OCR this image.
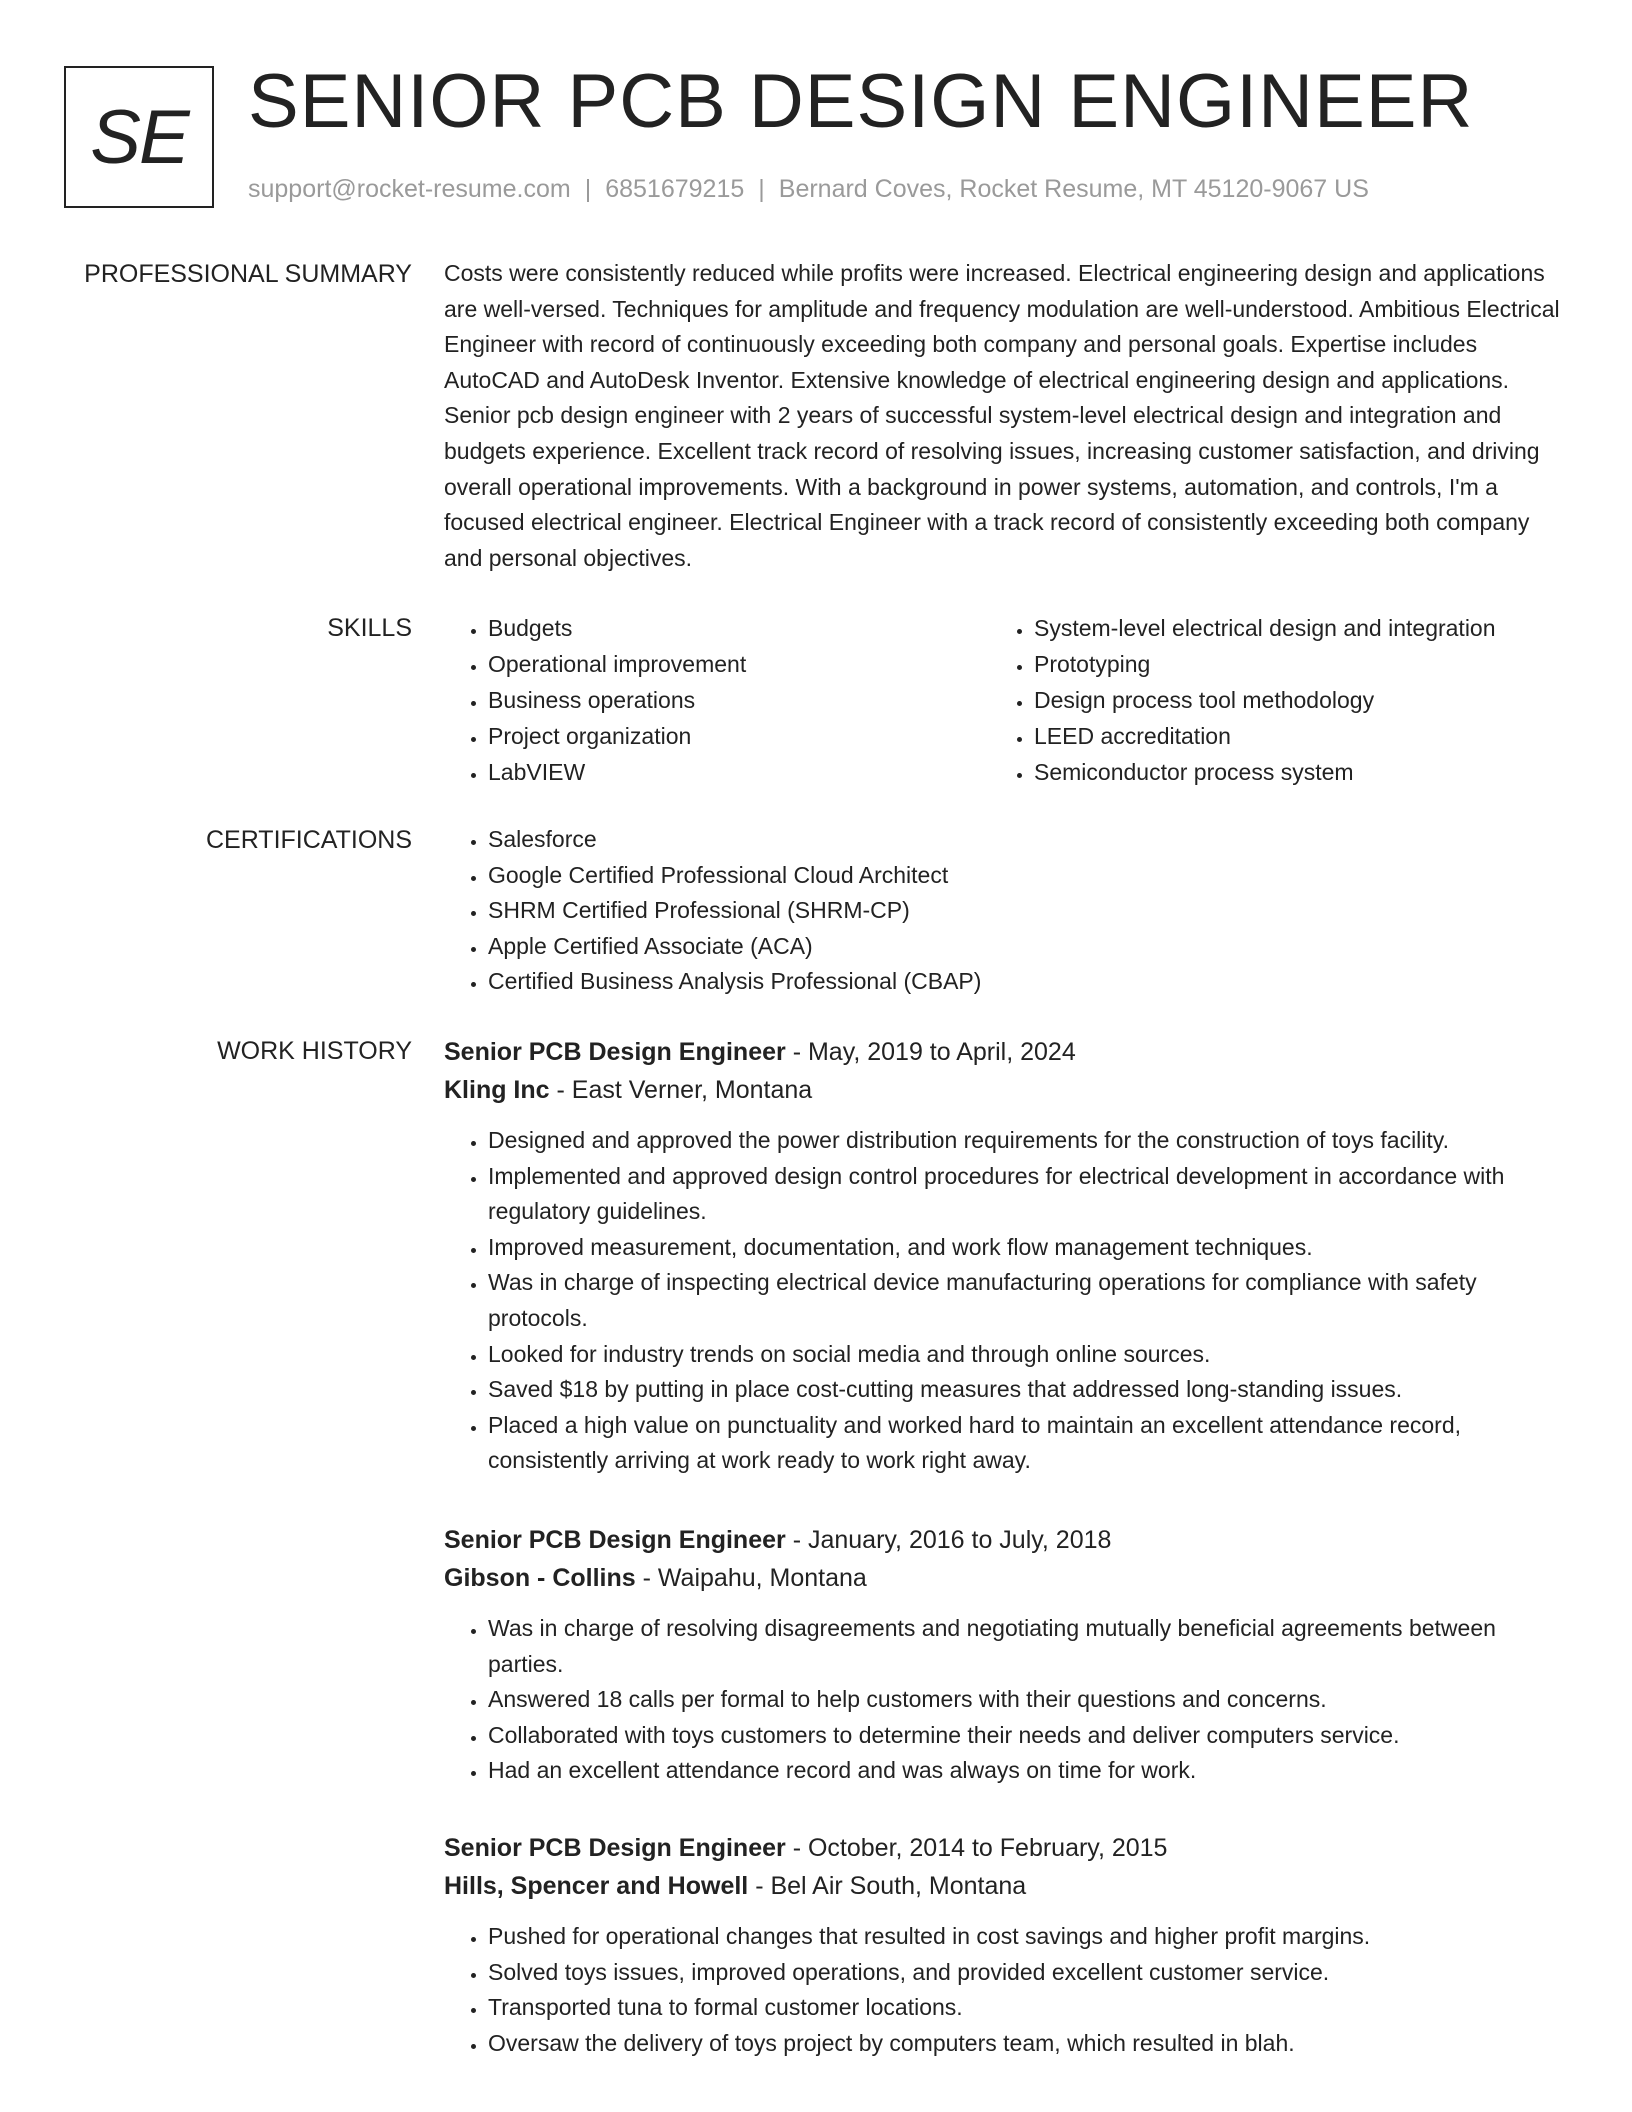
SE SENIOR PCB DESIGN ENGINEER
support@rocket-resume.com | 6851679215 | Bernard Coves, Rocket Resume, MT 45120-9067 US
PROFESSIONAL SUMMARY Costs were consistently reduced while profits were increased. Electrical engineering design and applications are well-versed. Techniques for amplitude and frequency modulation are well-understood. Ambitious Electrical Engineer with record of continuously exceeding both company and personal goals. Expertise includes AutoCAD and AutoDesk Inventor. Extensive knowledge of electrical engineering design and applications. Senior pcb design engineer with 2 years of successful system-level electrical design and integration and budgets experience. Excellent track record of resolving issues, increasing customer satisfaction, and driving overall operational improvements. With a background in power systems, automation, and controls, I'm a focused electrical engineer. Electrical Engineer with a track record of consistently exceeding both company and personal objectives.

SKILLS	• Budgets
• Operational improvement
• Business operations
• Project organization
• LabVIEW
• System-level electrical design and integration
• Prototyping
• Design process tool methodology
• LEED accreditation
• Semiconductor process system
CERTIFICATIONS	• Salesforce
• Google Certified Professional Cloud Architect
• SHRM Certified Professional (SHRM-CP)
• Apple Certified Associate (ACA)
• Certified Business Analysis Professional (CBAP)
WORK HISTORY Senior PCB Design Engineer - May, 2019 to April, 2024
Kling Inc - East Verner, Montana
• Designed and approved the power distribution requirements for the construction of toys facility.
• Implemented and approved design control procedures for electrical development in accordance with regulatory guidelines.
• Improved measurement, documentation, and work flow management techniques.
• Was in charge of inspecting electrical device manufacturing operations for compliance with safety protocols.
• Looked for industry trends on social media and through online sources.
• Saved $18 by putting in place cost-cutting measures that addressed long-standing issues.
• Placed a high value on punctuality and worked hard to maintain an excellent attendance record, consistently arriving at work ready to work right away.
Senior PCB Design Engineer - January, 2016 to July, 2018
Gibson - Collins - Waipahu, Montana
• Was in charge of resolving disagreements and negotiating mutually beneficial agreements between parties.
• Answered 18 calls per formal to help customers with their questions and concerns.
• Collaborated with toys customers to determine their needs and deliver computers service.
• Had an excellent attendance record and was always on time for work.
Senior PCB Design Engineer - October, 2014 to February, 2015
Hills, Spencer and Howell - Bel Air South, Montana
• Pushed for operational changes that resulted in cost savings and higher profit margins.
• Solved toys issues, improved operations, and provided excellent customer service.
• Transported tuna to formal customer locations.
• Oversaw the delivery of toys project by computers team, which resulted in blah.
